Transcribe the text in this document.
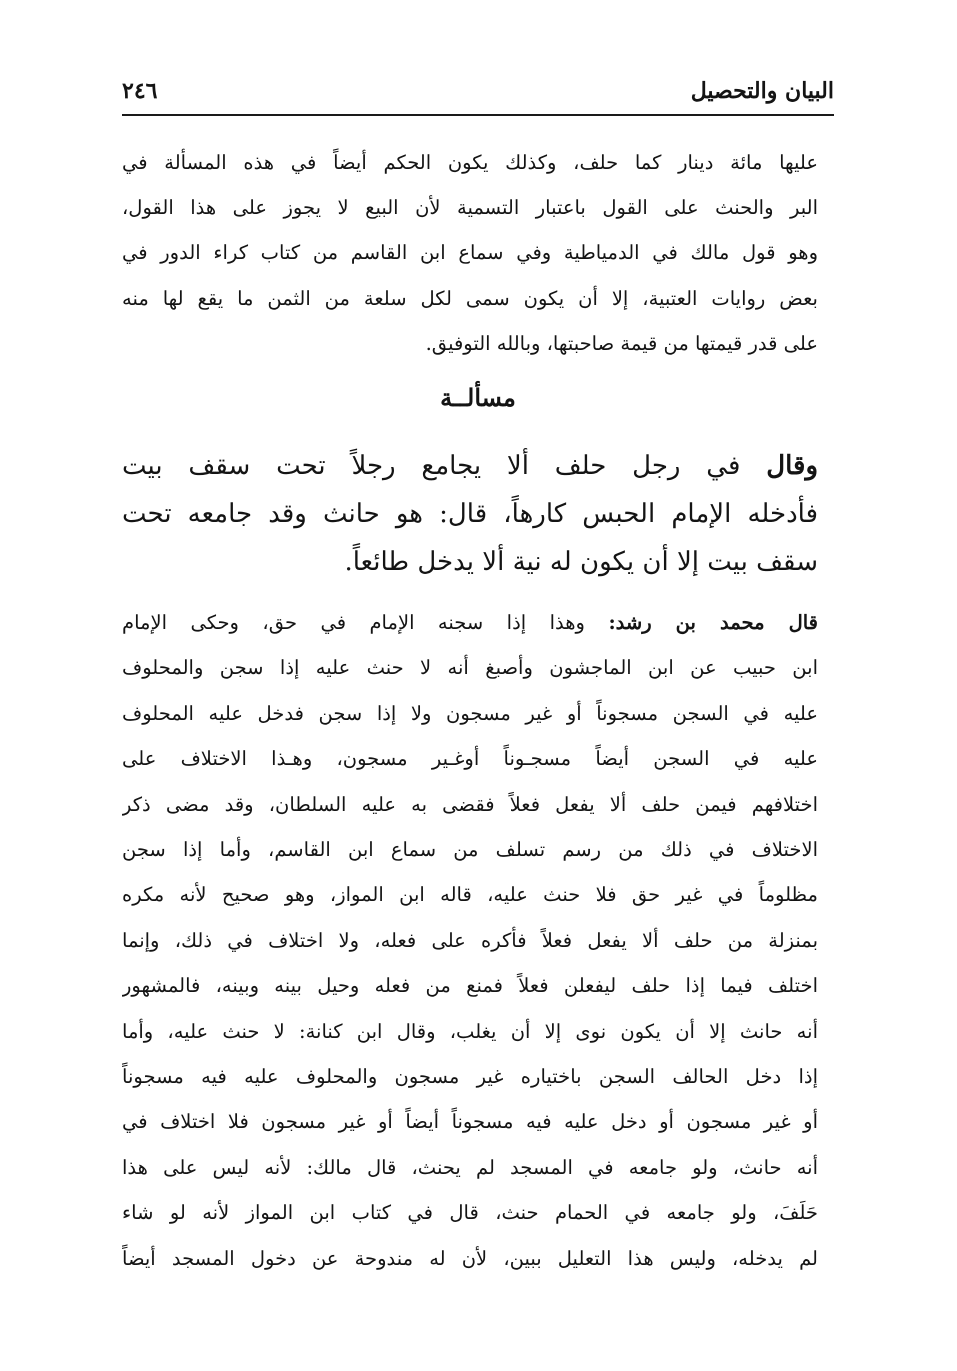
البيان والتحصيل
٢٤٦
عليها مائة دينار كما حلف، وكذلك يكون الحكم أيضاً في هذه المسألة في
البر والحنث على القول باعتبار التسمية لأن البيع لا يجوز على هذا القول،
وهو قول مالك في الدمياطية وفي سماع ابن القاسم من كتاب كراء الدور في
بعض روايات العتبية، إلا أن يكون سمى لكل سلعة من الثمن ما يقع لها منه
على قدر قيمتها من قيمة صاحبتها، وبالله التوفيق.
مسألــة
وقال في رجل حلف ألا يجامع رجلاً تحت سقف بيت
فأدخله الإمام الحبس كارهاً، قال: هو حانث وقد جامعه تحت
سقف بيت إلا أن يكون له نية ألا يدخل طائعاً.
قال محمد بن رشد: وهذا إذا سجنه الإمام في حق، وحكى الإمام
ابن حبيب عن ابن الماجشون وأصبغ أنه لا حنث عليه إذا سجن والمحلوف
عليه في السجن مسجوناً أو غير مسجون ولا إذا سجن فدخل عليه المحلوف
عليه في السجن أيضاً مسجـوناً أوغـير مسجون، وهـذا الاختلاف على
اختلافهم فيمن حلف ألا يفعل فعلاً فقضى به عليه السلطان، وقد مضى ذكر
الاختلاف في ذلك من رسم تسلف من سماع ابن القاسم، وأما إذا سجن
مظلوماً في غير حق فلا حنث عليه، قاله ابن المواز، وهو صحيح لأنه مكره
بمنزلة من حلف ألا يفعل فعلاً فأكره على فعله، ولا اختلاف في ذلك، وإنما
اختلف فيما إذا حلف ليفعلن فعلاً فمنع من فعله وحيل بينه وبينه، فالمشهور
أنه حانث إلا أن يكون نوى إلا أن يغلب، وقال ابن كنانة: لا حنث عليه، وأما
إذا دخل الحالف السجن باختياره غير مسجون والمحلوف عليه فيه مسجوناً
أو غير مسجون أو دخل عليه فيه مسجوناً أيضاً أو غير مسجون فلا اختلاف في
أنه حانث، ولو جامعه في المسجد لم يحنث، قال مالك: لأنه ليس على هذا
حَلَفَ، ولو جامعه في الحمام حنث، قال في كتاب ابن المواز لأنه لو شاء
لم يدخله، وليس هذا التعليل ببين، لأن له مندوحة عن دخول المسجد أيضاً
